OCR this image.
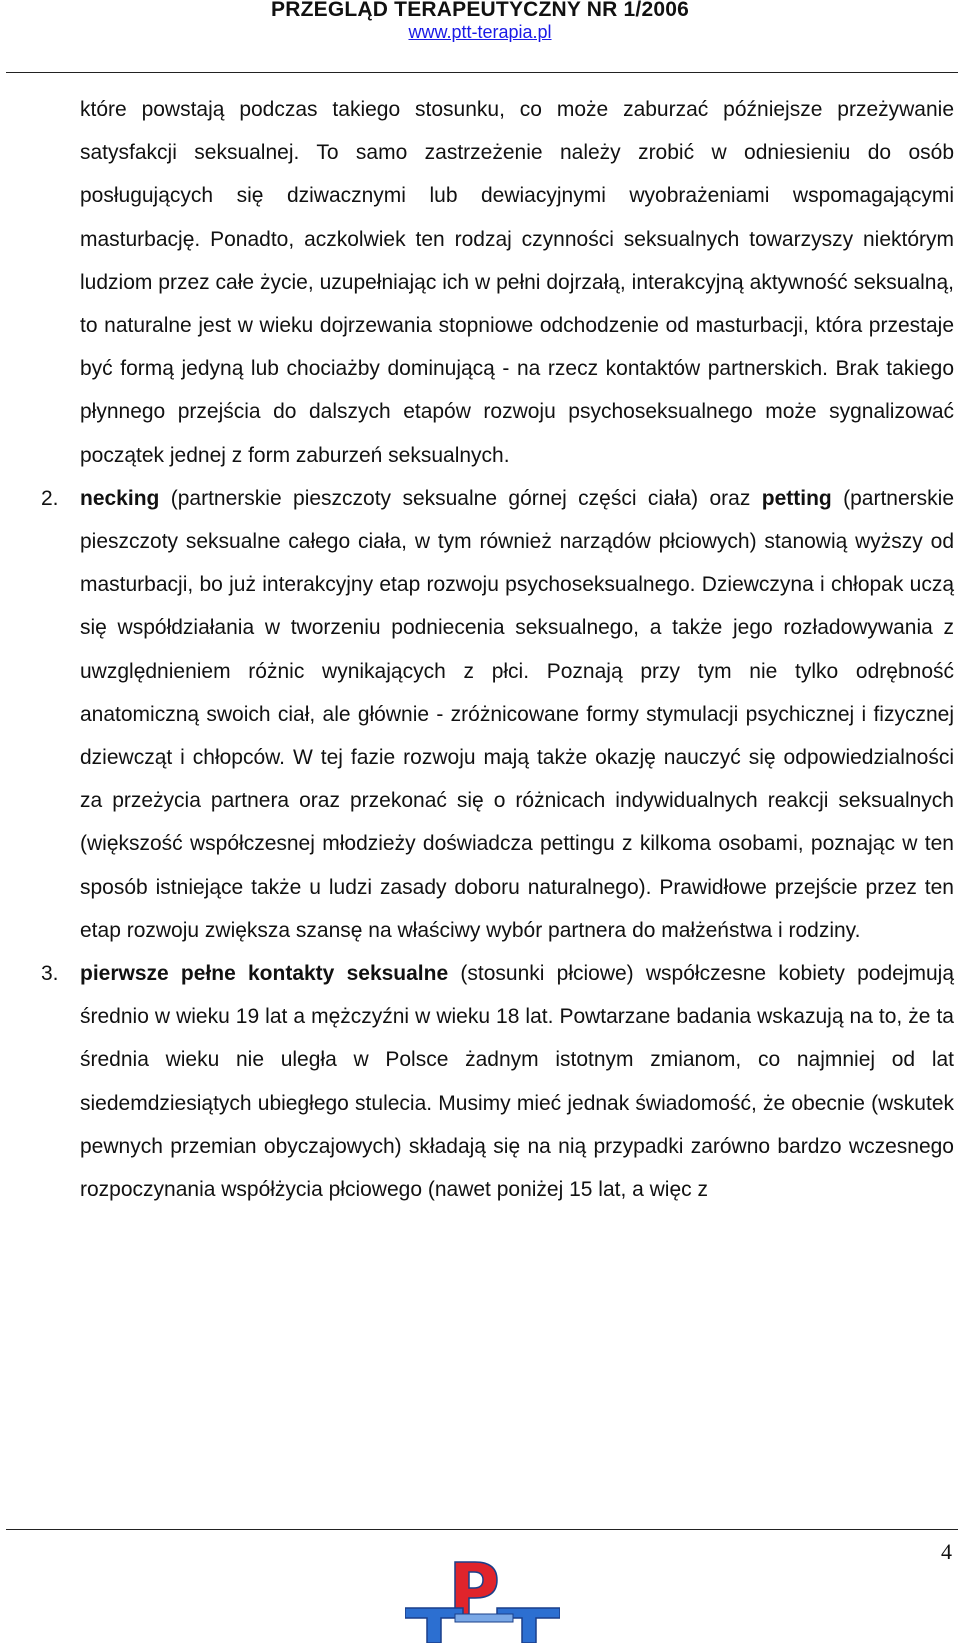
PRZEGLĄD TERAPEUTYCZNY NR 1/2006
www.ptt-terapia.pl

które powstają podczas takiego stosunku, co może zaburzać późniejsze przeżywanie satysfakcji seksualnej. To samo zastrzeżenie należy zrobić w odniesieniu do osób posługujących się dziwacznymi lub dewiacyjnymi wyobrażeniami wspomagającymi masturbację. Ponadto, aczkolwiek ten rodzaj czynności seksualnych towarzyszy niektórym ludziom przez całe życie, uzupełniając ich w pełni dojrzałą, interakcyjną aktywność seksualną, to naturalne jest w wieku dojrzewania stopniowe odchodzenie od masturbacji, która przestaje być formą jedyną lub chociażby dominującą - na rzecz kontaktów partnerskich. Brak takiego płynnego przejścia do dalszych etapów rozwoju psychoseksualnego może sygnalizować początek jednej z form zaburzeń seksualnych.

2. necking (partnerskie pieszczoty seksualne górnej części ciała) oraz petting (partnerskie pieszczoty seksualne całego ciała, w tym również narządów płciowych) stanowią wyższy od masturbacji, bo już interakcyjny etap rozwoju psychoseksualnego. Dziewczyna i chłopak uczą się współdziałania w tworzeniu podniecenia seksualnego, a także jego rozładowywania z uwzględnieniem różnic wynikających z płci. Poznają przy tym nie tylko odrębność anatomiczną swoich ciał, ale głównie - zróżnicowane formy stymulacji psychicznej i fizycznej dziewcząt i chłopców. W tej fazie rozwoju mają także okazję nauczyć się odpowiedzialności za przeżycia partnera oraz przekonać się o różnicach indywidualnych reakcji seksualnych (większość współczesnej młodzieży doświadcza pettingu z kilkoma osobami, poznając w ten sposób istniejące także u ludzi zasady doboru naturalnego). Prawidłowe przejście przez ten etap rozwoju zwiększa szansę na właściwy wybór partnera do małżeństwa i rodziny.

3. pierwsze pełne kontakty seksualne (stosunki płciowe) współczesne kobiety podejmują średnio w wieku 19 lat a mężczyźni w wieku 18 lat. Powtarzane badania wskazują na to, że ta średnia wieku nie uległa w Polsce żadnym istotnym zmianom, co najmniej od lat siedemdziesiątych ubiegłego stulecia. Musimy mieć jednak świadomość, że obecnie (wskutek pewnych przemian obyczajowych) składają się na nią przypadki zarówno bardzo wczesnego rozpoczynania współżycia płciowego (nawet poniżej 15 lat, a więc z

4
